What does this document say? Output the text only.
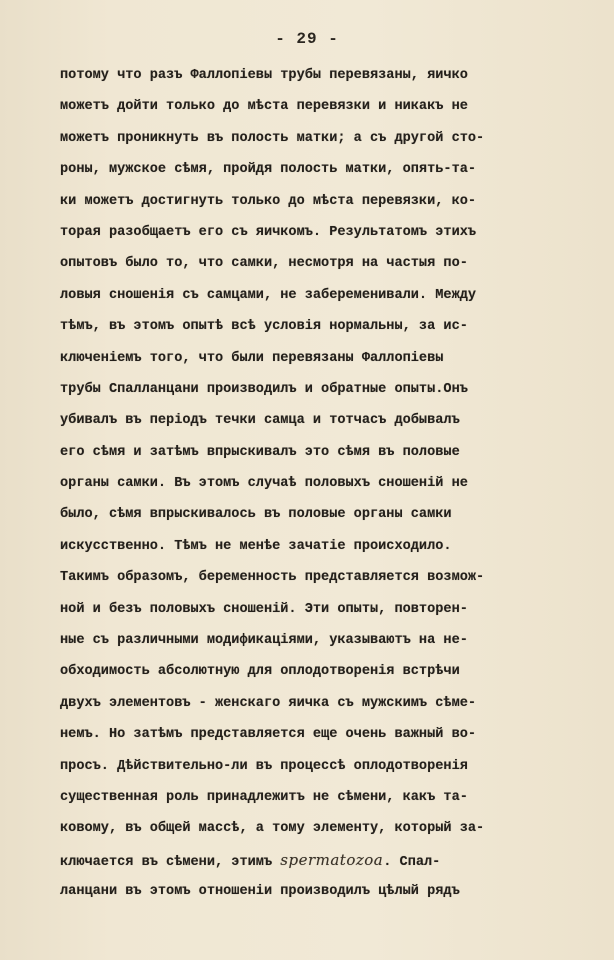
- 29 -
потому что разъ Фаллопіевы трубы перевязаны, яичко
можетъ дойти только до мѣста перевязки и никакъ не
можетъ проникнуть въ полость матки; а съ другой сто-
роны, мужское сѣмя, пройдя полость матки, опять-та-
ки можетъ достигнуть только до мѣста перевязки, ко-
торая разобщаетъ его съ яичкомъ. Результатомъ этихъ
опытовъ было то, что самки, несмотря на частыя по-
ловыя сношенія съ самцами, не забеременивали. Между
тѣмъ, въ этомъ опытѣ всѣ условія нормальны, за ис-
ключеніемъ того, что были перевязаны Фаллопіевы
трубы Спалланцани производилъ и обратные опыты.Онъ
убивалъ въ періодъ течки самца и тотчасъ добывалъ
его сѣмя и затѣмъ впрыскивалъ это сѣмя въ половые
органы самки. Въ этомъ случаѣ половыхъ сношеній не
было, сѣмя впрыскивалось въ половые органы самки
искусственно. Тѣмъ не менѣе зачатіе происходило.
Такимъ образомъ, беременность представляется возмож-
ной и безъ половыхъ сношеній. Эти опыты, повторен-
ные съ различными модификаціями, указываютъ на не-
обходимость абсолютную для оплодотворенія встрѣчи
двухъ элементовъ - женскаго яичка съ мужскимъ сѣме-
немъ. Но затѣмъ представляется еще очень важный во-
просъ. Дѣйствительно-ли въ процессѣ оплодотворенія
существенная роль принадлежитъ не сѣмени, какъ та-
ковому, въ общей массѣ, а тому элементу, который за-
ключается въ сѣмени, этимъ spermatozoa. Спал-
ланцани въ этомъ отношеніи производилъ цѣлый рядъ
